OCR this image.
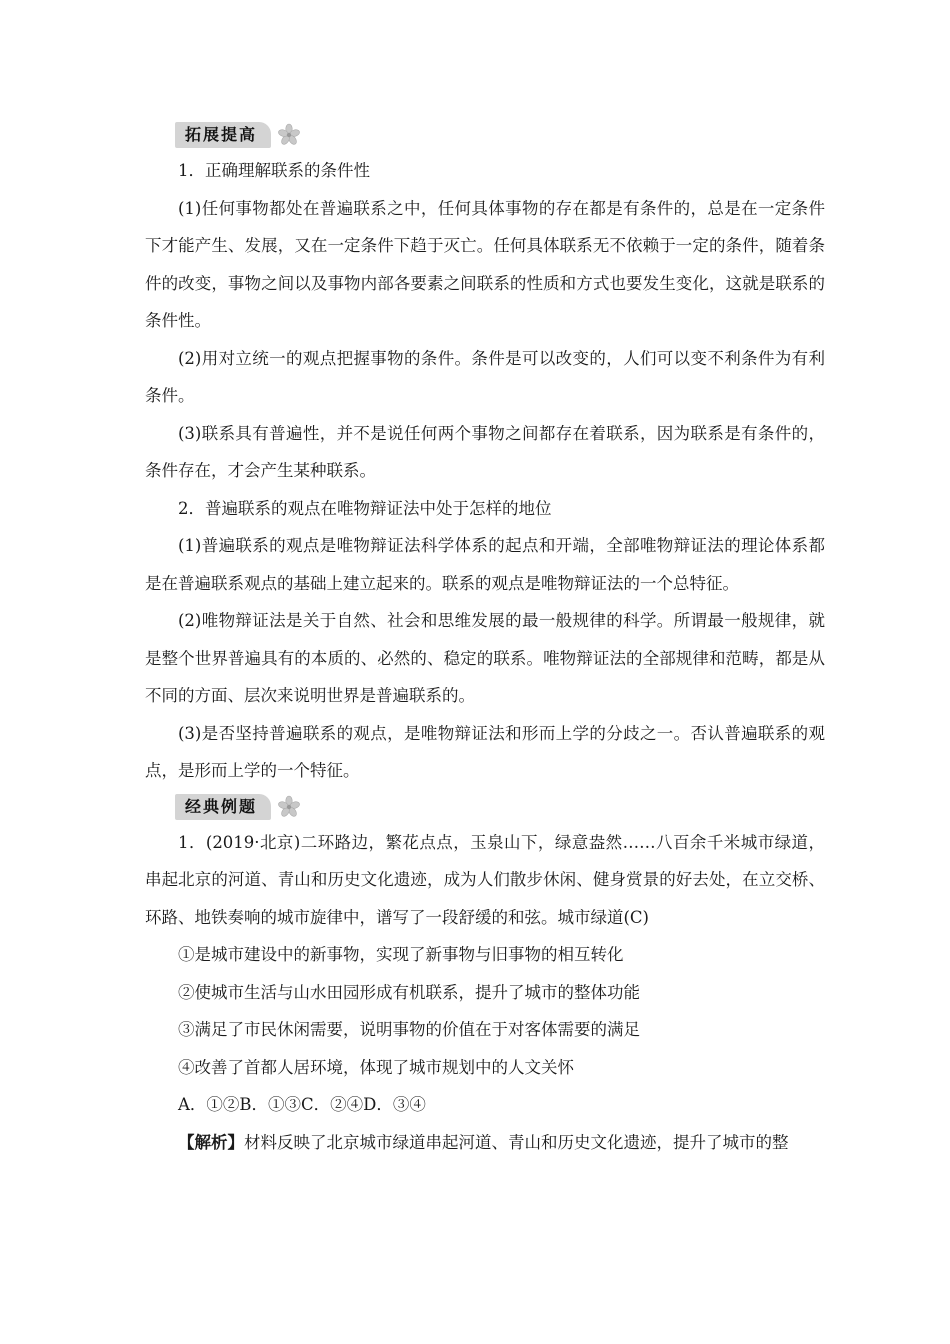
拓展提高

1．正确理解联系的条件性

(1)任何事物都处在普遍联系之中，任何具体事物的存在都是有条件的，总是在一定条件下才能产生、发展，又在一定条件下趋于灭亡。任何具体联系无不依赖于一定的条件，随着条件的改变，事物之间以及事物内部各要素之间联系的性质和方式也要发生变化，这就是联系的条件性。

(2)用对立统一的观点把握事物的条件。条件是可以改变的，人们可以变不利条件为有利条件。

(3)联系具有普遍性，并不是说任何两个事物之间都存在着联系，因为联系是有条件的，条件存在，才会产生某种联系。

2．普遍联系的观点在唯物辩证法中处于怎样的地位

(1)普遍联系的观点是唯物辩证法科学体系的起点和开端，全部唯物辩证法的理论体系都是在普遍联系观点的基础上建立起来的。联系的观点是唯物辩证法的一个总特征。

(2)唯物辩证法是关于自然、社会和思维发展的最一般规律的科学。所谓最一般规律，就是整个世界普遍具有的本质的、必然的、稳定的联系。唯物辩证法的全部规律和范畴，都是从不同的方面、层次来说明世界是普遍联系的。

(3)是否坚持普遍联系的观点，是唯物辩证法和形而上学的分歧之一。否认普遍联系的观点，是形而上学的一个特征。

经典例题

1．(2019·北京)二环路边，繁花点点，玉泉山下，绿意盎然……八百余千米城市绿道，串起北京的河道、青山和历史文化遗迹，成为人们散步休闲、健身赏景的好去处，在立交桥、环路、地铁奏响的城市旋律中，谱写了一段舒缓的和弦。城市绿道(C)

①是城市建设中的新事物，实现了新事物与旧事物的相互转化

②使城市生活与山水田园形成有机联系，提升了城市的整体功能

③满足了市民休闲需要，说明事物的价值在于对客体需要的满足

④改善了首都人居环境，体现了城市规划中的人文关怀

A．①②B．①③C．②④D．③④

【解析】材料反映了北京城市绿道串起河道、青山和历史文化遗迹，提升了城市的整
